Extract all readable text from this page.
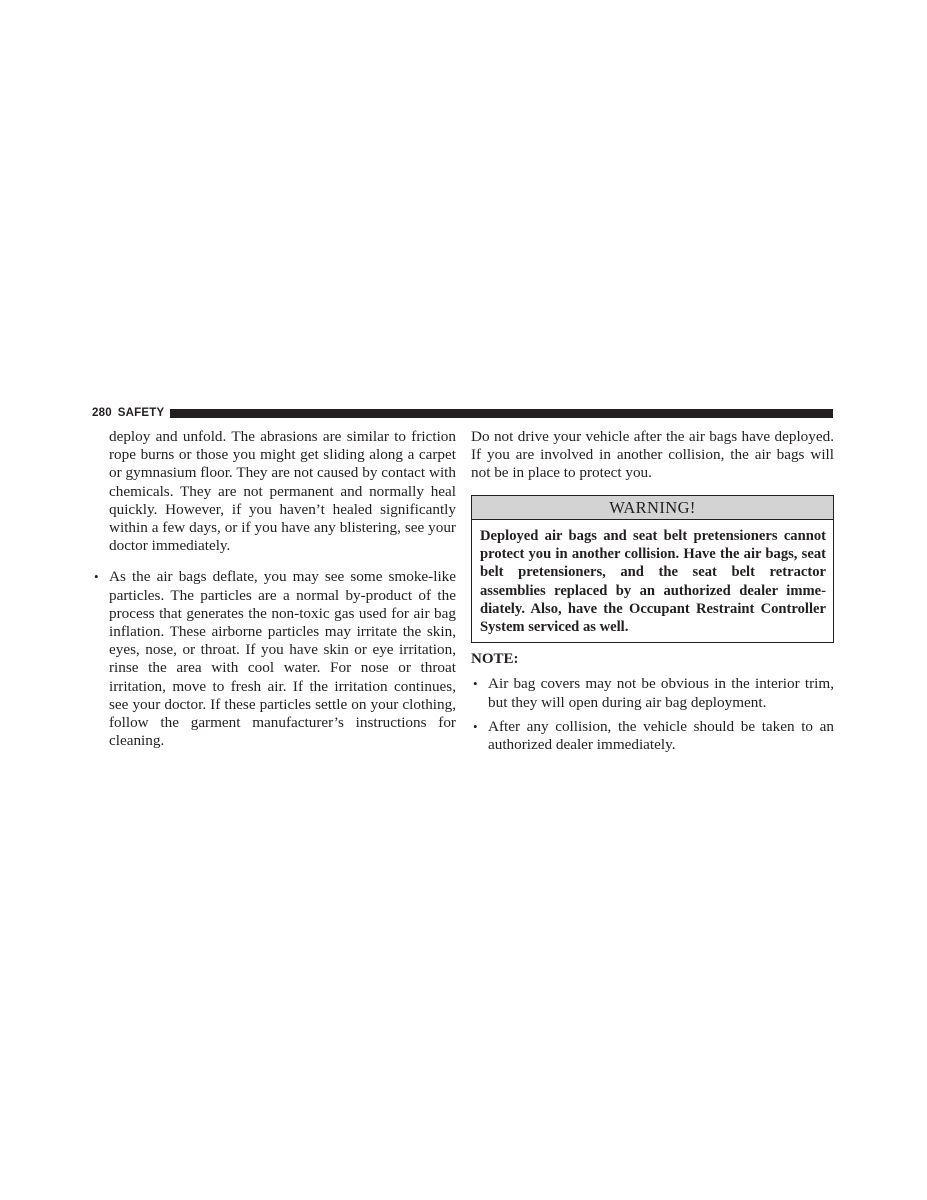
280 SAFETY

deploy and unfold. The abrasions are similar to friction rope burns or those you might get sliding along a carpet or gymnasium floor. They are not caused by contact with chemicals. They are not permanent and normally heal quickly. However, if you haven’t healed significantly within a few days, or if you have any blistering, see your doctor immediately.

• As the air bags deflate, you may see some smoke-like particles. The particles are a normal by-product of the process that generates the non-toxic gas used for air bag inflation. These airborne particles may irritate the skin, eyes, nose, or throat. If you have skin or eye irritation, rinse the area with cool water. For nose or throat irritation, move to fresh air. If the irritation continues, see your doctor. If these particles settle on your clothing, follow the garment manufacturer’s instructions for cleaning.

Do not drive your vehicle after the air bags have deployed. If you are involved in another collision, the air bags will not be in place to protect you.

WARNING!
Deployed air bags and seat belt pretensioners cannot protect you in another collision. Have the air bags, seat belt pretensioners, and the seat belt retractor assemblies replaced by an authorized dealer immediately. Also, have the Occupant Restraint Controller System serviced as well.
NOTE:
• Air bag covers may not be obvious in the interior trim, but they will open during air bag deployment.
• After any collision, the vehicle should be taken to an authorized dealer immediately.
